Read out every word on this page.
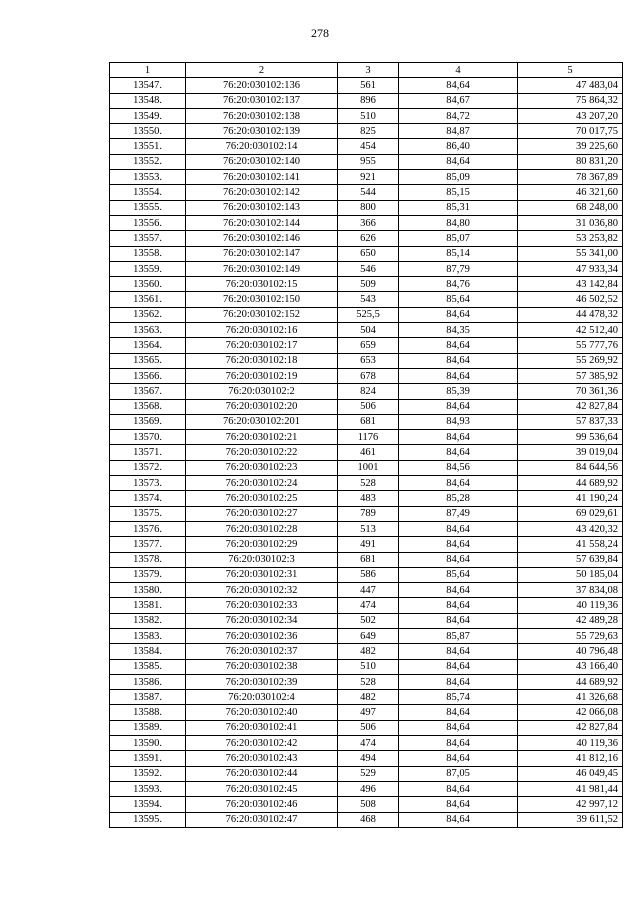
278
1	2	3	4	5
13547.	76:20:030102:136	561	84,64	47 483,04
13548.	76:20:030102:137	896	84,67	75 864,32
13549.	76:20:030102:138	510	84,72	43 207,20
13550.	76:20:030102:139	825	84,87	70 017,75
13551.	76:20:030102:14	454	86,40	39 225,60
13552.	76:20:030102:140	955	84,64	80 831,20
13553.	76:20:030102:141	921	85,09	78 367,89
13554.	76:20:030102:142	544	85,15	46 321,60
13555.	76:20:030102:143	800	85,31	68 248,00
13556.	76:20:030102:144	366	84,80	31 036,80
13557.	76:20:030102:146	626	85,07	53 253,82
13558.	76:20:030102:147	650	85,14	55 341,00
13559.	76:20:030102:149	546	87,79	47 933,34
13560.	76:20:030102:15	509	84,76	43 142,84
13561.	76:20:030102:150	543	85,64	46 502,52
13562.	76:20:030102:152	525,5	84,64	44 478,32
13563.	76:20:030102:16	504	84,35	42 512,40
13564.	76:20:030102:17	659	84,64	55 777,76
13565.	76:20:030102:18	653	84,64	55 269,92
13566.	76:20:030102:19	678	84,64	57 385,92
13567.	76:20:030102:2	824	85,39	70 361,36
13568.	76:20:030102:20	506	84,64	42 827,84
13569.	76:20:030102:201	681	84,93	57 837,33
13570.	76:20:030102:21	1176	84,64	99 536,64
13571.	76:20:030102:22	461	84,64	39 019,04
13572.	76:20:030102:23	1001	84,56	84 644,56
13573.	76:20:030102:24	528	84,64	44 689,92
13574.	76:20:030102:25	483	85,28	41 190,24
13575.	76:20:030102:27	789	87,49	69 029,61
13576.	76:20:030102:28	513	84,64	43 420,32
13577.	76:20:030102:29	491	84,64	41 558,24
13578.	76:20:030102:3	681	84,64	57 639,84
13579.	76:20:030102:31	586	85,64	50 185,04
13580.	76:20:030102:32	447	84,64	37 834,08
13581.	76:20:030102:33	474	84,64	40 119,36
13582.	76:20:030102:34	502	84,64	42 489,28
13583.	76:20:030102:36	649	85,87	55 729,63
13584.	76:20:030102:37	482	84,64	40 796,48
13585.	76:20:030102:38	510	84,64	43 166,40
13586.	76:20:030102:39	528	84,64	44 689,92
13587.	76:20:030102:4	482	85,74	41 326,68
13588.	76:20:030102:40	497	84,64	42 066,08
13589.	76:20:030102:41	506	84,64	42 827,84
13590.	76:20:030102:42	474	84,64	40 119,36
13591.	76:20:030102:43	494	84,64	41 812,16
13592.	76:20:030102:44	529	87,05	46 049,45
13593.	76:20:030102:45	496	84,64	41 981,44
13594.	76:20:030102:46	508	84,64	42 997,12
13595.	76:20:030102:47	468	84,64	39 611,52
